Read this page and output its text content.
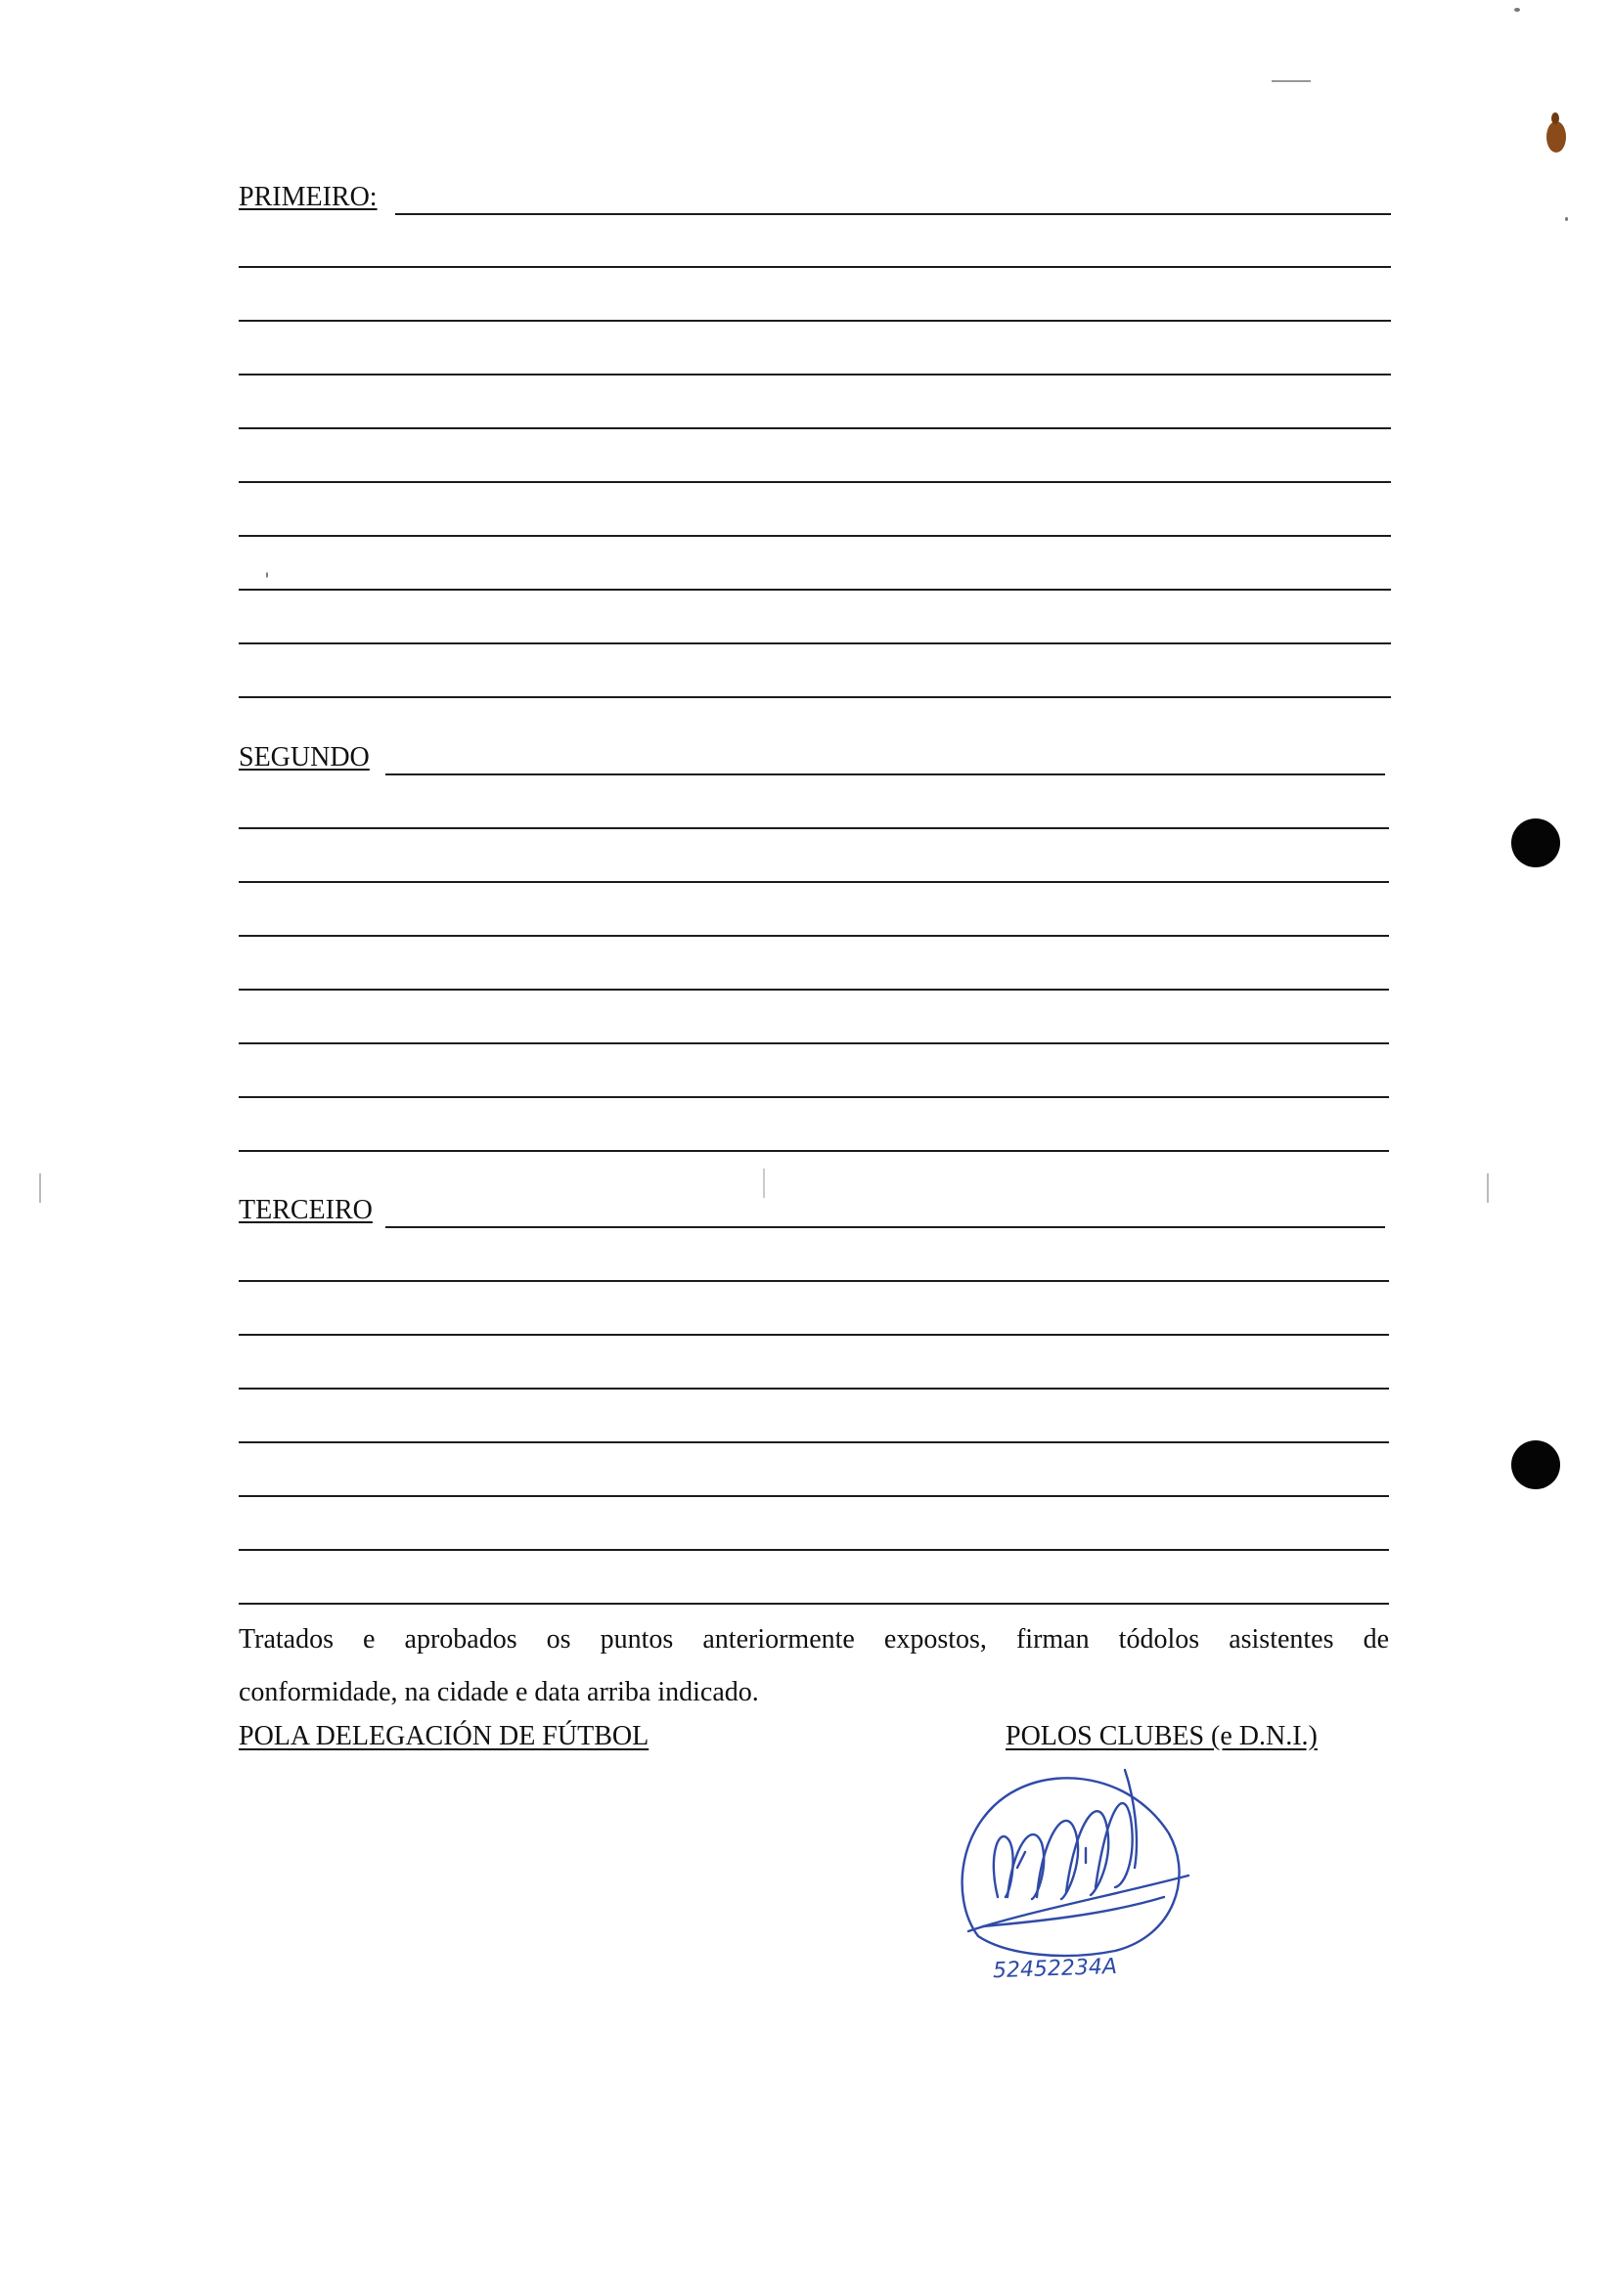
PRIMEIRO:
SEGUNDO
TERCEIRO
Tratados e aprobados os puntos anteriormente expostos, firman tódolos asistentes de
conformidade, na cidade e data arriba indicado.
POLA DELEGACIÓN DE FÚTBOL	POLOS CLUBES (e D.N.I.)
52452234A
